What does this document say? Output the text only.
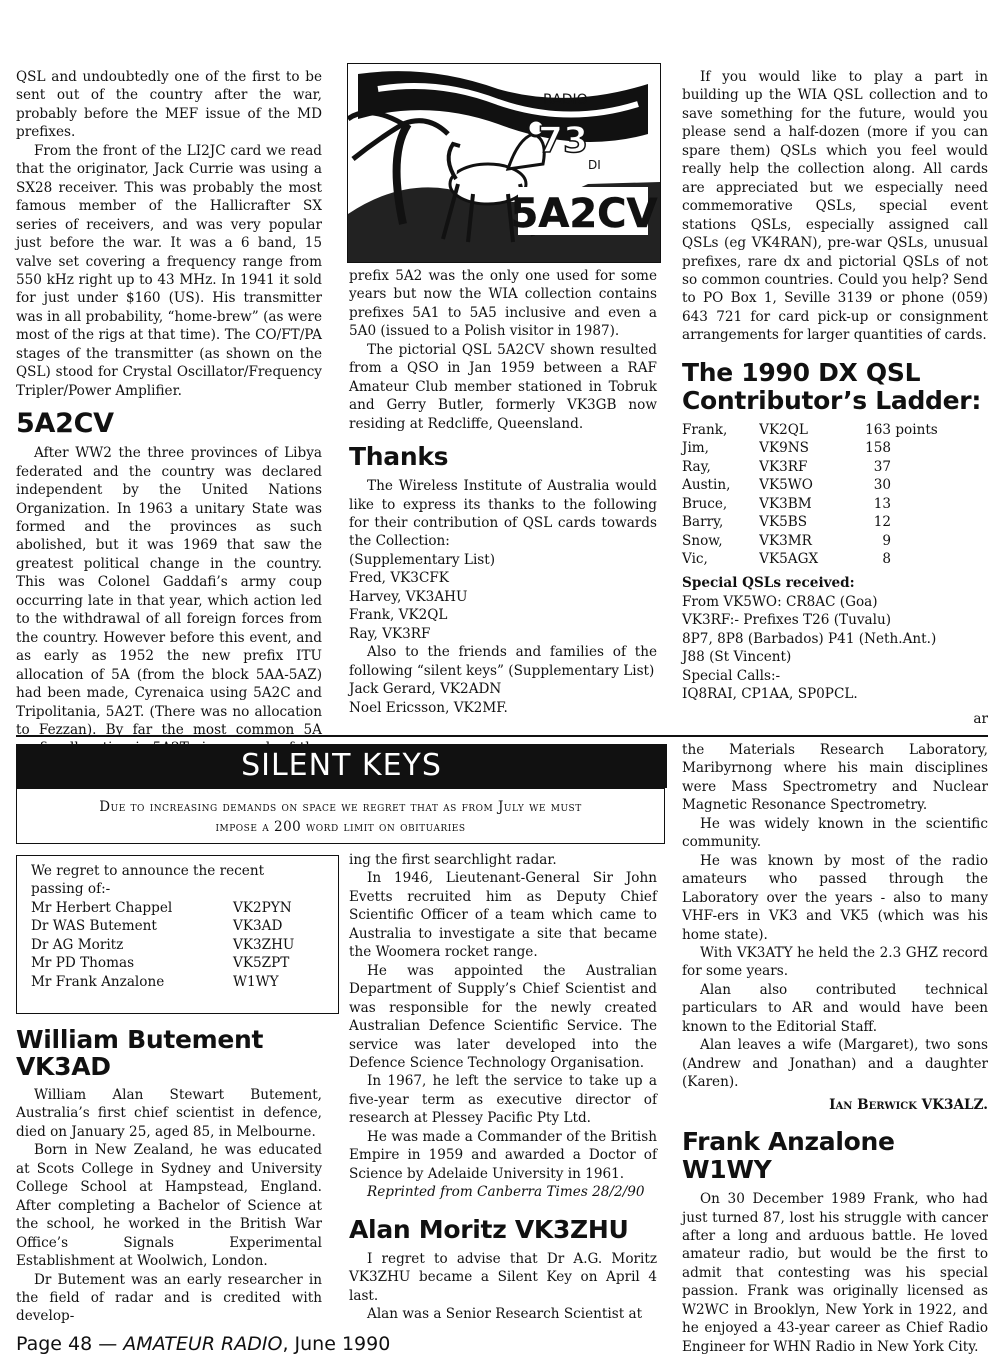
QSL and undoubtedly one of the first to be sent out of the country after the war, probably before the MEF issue of the MD prefixes.

From the front of the LI2JC card we read that the originator, Jack Currie was using a SX28 receiver. This was probably the most famous member of the Hallicrafter SX series of receivers, and was very popular just before the war. It was a 6 band, 15 valve set covering a frequency range from 550 kHz right up to 43 MHz. In 1941 it sold for just under $160 (US). His transmitter was in all probability, “home-brew” (as were most of the rigs at that time). The CO/FT/PA stages of the transmitter (as shown on the QSL) stood for Crystal Oscillator/Frequency Tripler/Power Amplifier.

5A2CV

After WW2 the three provinces of Libya federated and the country was declared independent by the United Nations Organization. In 1963 a unitary State was formed and the provinces as such abolished, but it was 1969 that saw the greatest political change in the country. This was Colonel Gaddafi’s army coup occurring late in that year, which action led to the withdrawal of all foreign forces from the country. However before this event, and as early as 1952 the new prefix ITU allocation of 5A (from the block 5AA-5AZ) had been made, Cyrenaica using 5A2C and Tripolitania, 5A2T. (There was no allocation to Fezzan). By far the most common 5A

5A2CV
73
RADIO
DI

prefix 5A2 was the only one used for some years but now the WIA collection contains prefixes 5A1 to 5A5 inclusive and even a 5A0 (issued to a Polish visitor in 1987).

The pictorial QSL 5A2CV shown resulted from a QSO in Jan 1959 between a RAF Amateur Club member stationed in Tobruk and Gerry Butler, formerly VK3GB now residing at Redcliffe, Queensland.

Thanks

The Wireless Institute of Australia would like to express its thanks to the following for their contribution of QSL cards towards the Collection:

(Supplementary List)

Fred, VK3CFK

Harvey, VK3AHU

Frank, VK2QL

Ray, VK3RF

Also to the friends and families of the following “silent keys” (Supplementary List)

Jack Gerard, VK2ADN

Noel Ericsson, VK2MF.

If you would like to play a part in building up the WIA QSL collection and to save something for the future, would you please send a half-dozen (more if you can spare them) QSLs which you feel would really help the collection along. All cards are appreciated but we especially need commemorative QSLs, special event stations QSLs, especially assigned call QSLs (eg VK4RAN), pre-war QSLs, unusual prefixes, rare dx and pictorial QSLs of not so common countries. Could you help? Send to PO Box 1, Seville 3139 or phone (059) 643 721 for card pick-up or consignment arrangements for larger quantities of cards.

The 1990 DX QSL Contributor’s Ladder:
Frank,	VK2QL	163 points
Jim,	VK9NS	158
Ray,	VK3RF	37
Austin,	VK5WO	30
Bruce,	VK3BM	13
Barry,	VK5BS	12
Snow,	VK3MR	9
Vic,	VK5AGX	8

Special QSLs received:

From VK5WO: CR8AC (Goa)

VK3RF:- Prefixes T26 (Tuvalu)

8P7, 8P8 (Barbados) P41 (Neth.Ant.)

J88 (St Vincent)

Special Calls:-

IQ8RAI, CP1AA, SP0PCL.

ar

SILENT KEYS
Due to increasing demands on space we regret that as from July we must
impose a 200 word limit on obituaries
We regret to announce the recent passing of:-
Mr Herbert Chappel	VK2PYN
Dr WAS Butement	VK3AD
Dr AG Moritz	VK3ZHU
Mr PD Thomas	VK5ZPT
Mr Frank Anzalone	W1WY
William Butement VK3AD

William Alan Stewart Butement, Australia’s first chief scientist in defence, died on January 25, aged 85, in Melbourne.

Born in New Zealand, he was educated at Scots College in Sydney and University College School at Hampstead, England. After completing a Bachelor of Science at the school, he worked in the British War Office’s Signals Experimental Establishment at Woolwich, London.

Dr Butement was an early researcher in the field of radar and is credited with develop-

ing the first searchlight radar.

In 1946, Lieutenant-General Sir John Evetts recruited him as Deputy Chief Scientific Officer of a team which came to Australia to investigate a site that became the Woomera rocket range.

He was appointed the Australian Department of Supply’s Chief Scientist and was responsible for the newly created Australian Defence Scientific Service. The service was later developed into the Defence Science Technology Organisation.

In 1967, he left the service to take up a five-year term as executive director of research at Plessey Pacific Pty Ltd.

He was made a Commander of the British Empire in 1959 and awarded a Doctor of Science by Adelaide University in 1961.

Reprinted from Canberra Times 28/2/90

Alan Moritz VK3ZHU

I regret to advise that Dr A.G. Moritz VK3ZHU became a Silent Key on April 4 last.

Alan was a Senior Research Scientist at

the Materials Research Laboratory, Maribyrnong where his main disciplines were Mass Spectrometry and Nuclear Magnetic Resonance Spectrometry.

He was widely known in the scientific community.

He was known by most of the radio amateurs who passed through the Laboratory over the years - also to many VHF-ers in VK3 and VK5 (which was his home state).

With VK3ATY he held the 2.3 GHZ record for some years.

Alan also contributed technical particulars to AR and would have been known to the Editorial Staff.

Alan leaves a wife (Margaret), two sons (Andrew and Jonathan) and a daughter (Karen).

Ian Berwick VK3ALZ.

Frank Anzalone W1WY

On 30 December 1989 Frank, who had just turned 87, lost his struggle with cancer after a long and arduous battle. He loved amateur radio, but would be the first to admit that contesting was his special passion. Frank was originally licensed as W2WC in Brooklyn, New York in 1922, and he enjoyed a 43-year career as Chief Radio Engineer for WHN Radio in New York City.

Page 48 — AMATEUR RADIO, June 1990
